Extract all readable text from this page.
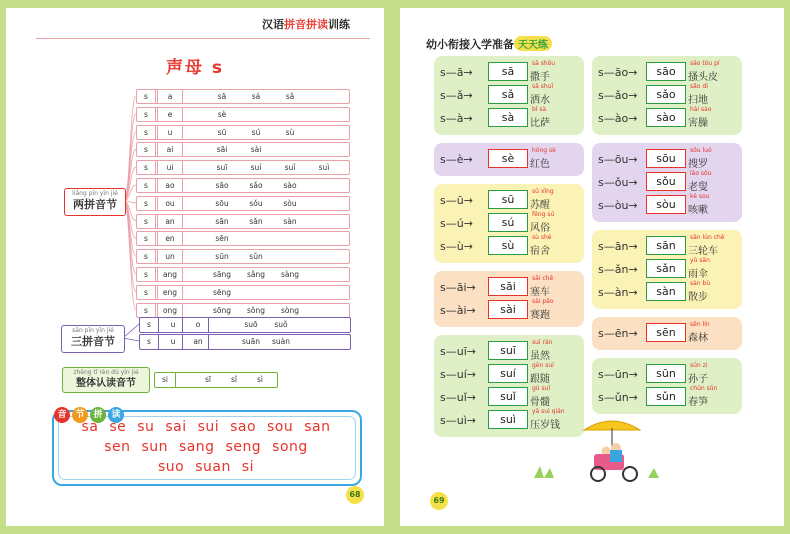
汉语拼音拼读训练
声母 s
liǎng pīn yīn jié
两拼音节
s	a	sā	sá	sǎ
s	e	sè
s	u	sū	sú	sù
s	ai	sāi	sài
s	ui	suī	suí	suǐ	suì
s	ao	sāo	sǎo	sào
s	ou	sōu	sǒu	sòu
s	an	sān	sǎn	sàn
s	en	sēn
s	un	sūn	sǔn
s	ang	sāng	sǎng	sàng
s	eng	sēng
s	ong	sōng	sǒng	sòng
sān pīn yīn jié
三拼音节
s	u	o	suō	suǒ
s	u	an	suān	suàn
zhěng tǐ rèn dú yīn jié
整体认读音节	si	sī	sǐ	sì
音 节 拼 读
sa se su sai sui sao sou san
sen sun sang seng song
suo suan si
68
幼小衔接入学准备 天天练
s—ā→	sā
sā shǒu
撒手
s—ǎ→	sǎ
sǎ shuǐ
洒水
s—à→	sà
bǐ sà
比萨
s—è→	sè
hóng sè
红色
s—ū→	sū
sū xǐng
苏醒
s—ú→	sú
fēng sú
风俗
s—ù→	sù
sù shè
宿舍
s—āi→	sāi
sāi chē
塞车
s—ài→	sài
sài pǎo
赛跑
s—uī→	suī
suī rán
虽然
s—uí→	suí
gēn suí
跟随
s—uǐ→	suǐ
gǔ suǐ
骨髓
s—uì→	suì
yā suì qián
压岁钱
s—āo→	sāo
sāo tóu pí
搔头皮
s—ǎo→	sǎo
sǎo dì
扫地
s—ào→	sào
hài sào
害臊
s—ōu→	sōu
sōu luó
搜罗
s—ǒu→	sǒu
lǎo sǒu
老叟
s—òu→	sòu
ké sou
咳嗽
s—ān→	sān
sān lún chē
三轮车
s—ǎn→	sǎn
yǔ sǎn
雨伞
s—àn→	sàn
sàn bù
散步
s—ēn→	sēn
sēn lín
森林
s—ūn→	sūn
sūn zi
孙子
s—ǔn→	sǔn
chūn sǔn
春笋
69
